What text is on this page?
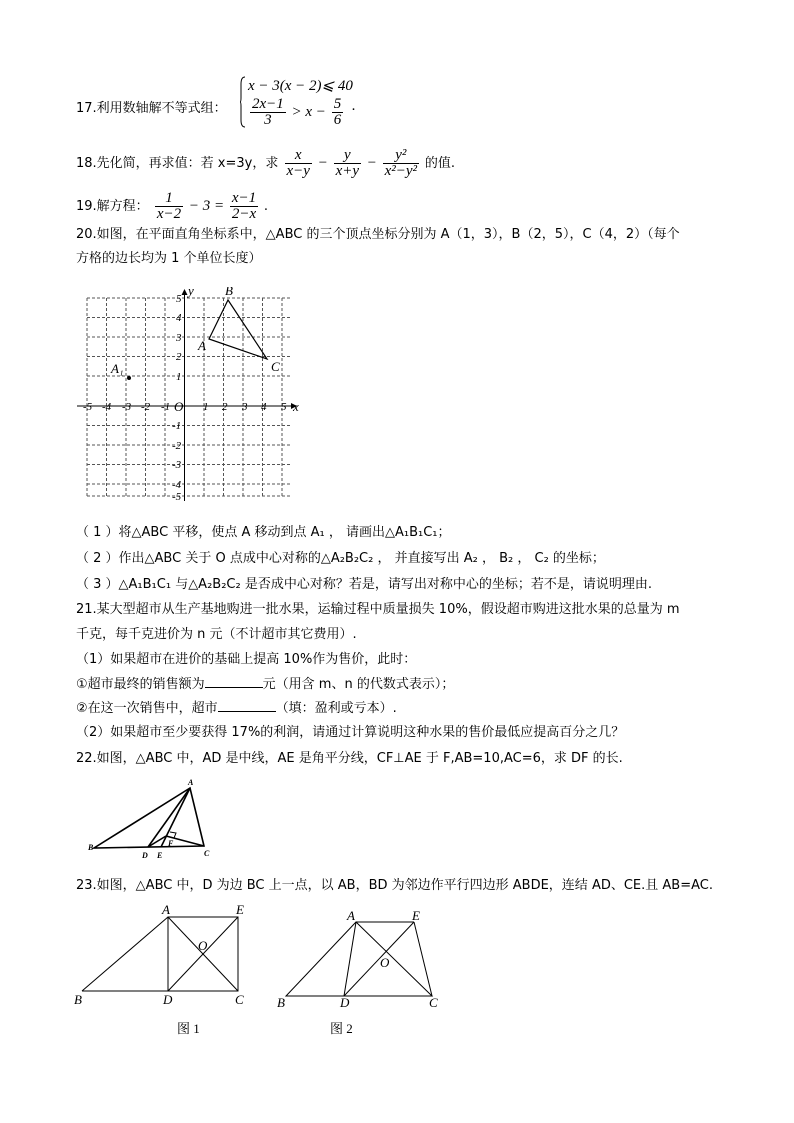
17.利用数轴解不等式组：
x − 3(x − 2)⩽ 40
$\frac{2x-1}{3} > x - \frac{5}{6}$ .
18.先化简，再求值：若 x=3y，求 $\frac{x}{x-y} - \frac{y}{x+y} - \frac{\text{y²}}{\text{x²−y²}}$ 的值.
19.解方程： $\frac{1}{x-2} - 3 = \frac{x-1}{2-x}$ .
20.如图，在平面直角坐标系中，△ABC 的三个顶点坐标分别为 A（1，3），B（2，5），C（4，2）（每个
方格的边长均为 1 个单位长度）
-5 -4 -3 -2 -1	1 2 3 4 5 x
y
O
5
4
3
2
1
-1
-2
-3
-4
-5
A
B
C
A₁
（ 1 ）将△ABC 平移，使点 A 移动到点 A₁ ， 请画出△A₁B₁C₁；
（ 2 ）作出△ABC 关于 O 点成中心对称的△A₂B₂C₂ ， 并直接写出 A₂ ， B₂ ， C₂ 的坐标；
（ 3 ）△A₁B₁C₁ 与△A₂B₂C₂ 是否成中心对称？若是，请写出对称中心的坐标；若不是，请说明理由.
21.某大型超市从生产基地购进一批水果，运输过程中质量损失 10%，假设超市购进这批水果的总量为 m
千克，每千克进价为 n 元（不计超市其它费用）.
（1）如果超市在进价的基础上提高 10%作为售价，此时：
①超市最终的销售额为	元（用含 m、n 的代数式表示）；
②在这一次销售中，超市	（填：盈利或亏本）.
（2）如果超市至少要获得 17%的利润，请通过计算说明这种水果的售价最低应提高百分之几？
22.如图，△ABC 中，AD 是中线，AE 是角平分线，CF⊥AE 于 F,AB=10,AC=6，求 DF 的长.
A
B
C
D E
F
23.如图，△ABC 中，D 为边 BC 上一点，以 AB，BD 为邻边作平行四边形 ABDE，连结 AD、CE.且 AB=AC.
A	E
O
B	D	C
图 1
A	E
O
B	D	C
图 2
